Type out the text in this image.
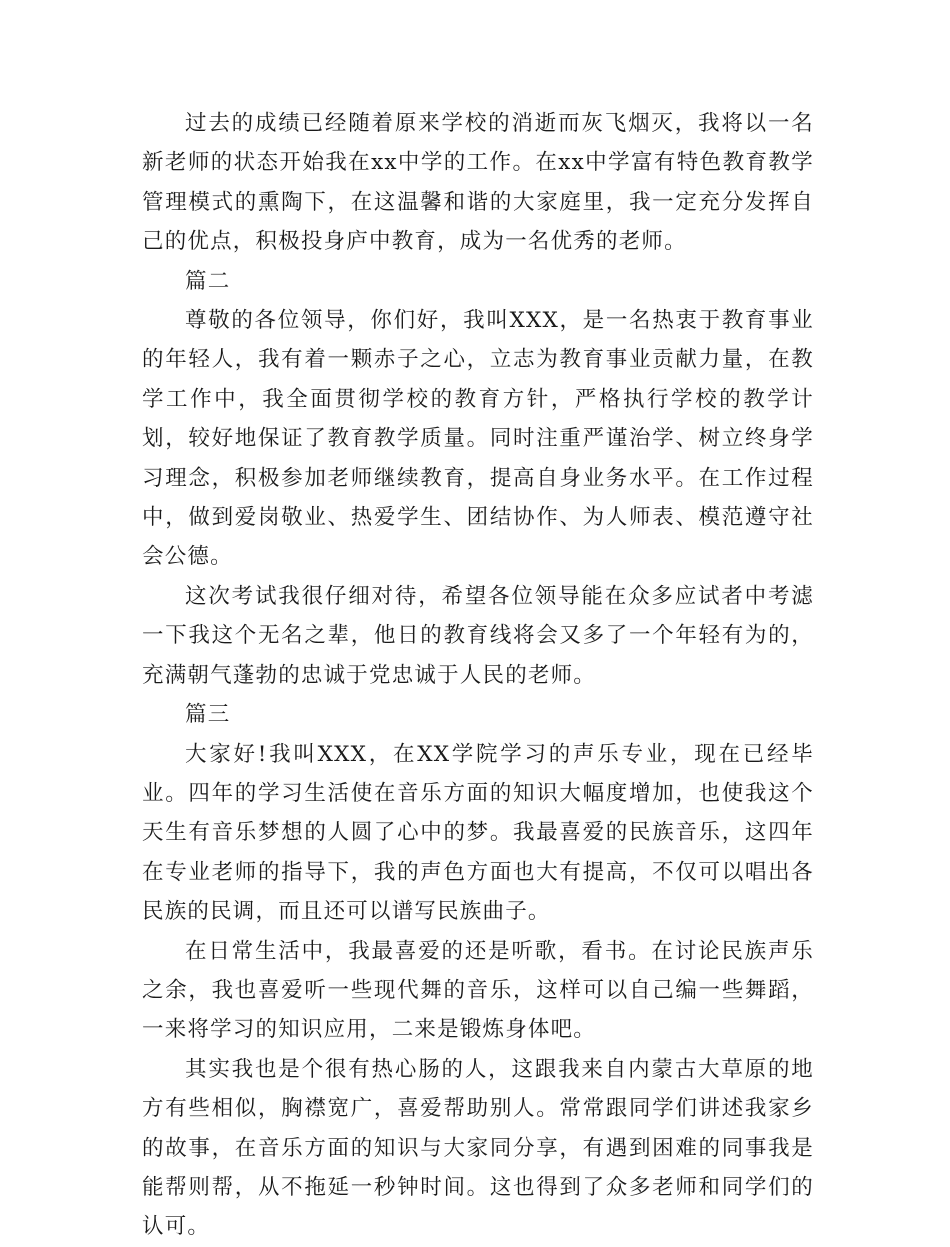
过去的成绩已经随着原来学校的消逝而灰飞烟灭，我将以一名新老师的状态开始我在xx中学的工作。在xx中学富有特色教育教学管理模式的熏陶下，在这温馨和谐的大家庭里，我一定充分发挥自己的优点，积极投身庐中教育，成为一名优秀的老师。

篇二

尊敬的各位领导，你们好，我叫XXX，是一名热衷于教育事业的年轻人，我有着一颗赤子之心，立志为教育事业贡献力量，在教学工作中，我全面贯彻学校的教育方针，严格执行学校的教学计划，较好地保证了教育教学质量。同时注重严谨治学、树立终身学习理念，积极参加老师继续教育，提高自身业务水平。在工作过程中，做到爱岗敬业、热爱学生、团结协作、为人师表、模范遵守社会公德。

这次考试我很仔细对待，希望各位领导能在众多应试者中考滤一下我这个无名之辈，他日的教育线将会又多了一个年轻有为的，充满朝气蓬勃的忠诚于党忠诚于人民的老师。

篇三

大家好!我叫XXX，在XX学院学习的声乐专业，现在已经毕业。四年的学习生活使在音乐方面的知识大幅度增加，也使我这个天生有音乐梦想的人圆了心中的梦。我最喜爱的民族音乐，这四年在专业老师的指导下，我的声色方面也大有提高，不仅可以唱出各民族的民调，而且还可以谱写民族曲子。

在日常生活中，我最喜爱的还是听歌，看书。在讨论民族声乐之余，我也喜爱听一些现代舞的音乐，这样可以自己编一些舞蹈，一来将学习的知识应用，二来是锻炼身体吧。

其实我也是个很有热心肠的人，这跟我来自内蒙古大草原的地方有些相似，胸襟宽广，喜爱帮助别人。常常跟同学们讲述我家乡的故事，在音乐方面的知识与大家同分享，有遇到困难的同事我是能帮则帮，从不拖延一秒钟时间。这也得到了众多老师和同学们的认可。
